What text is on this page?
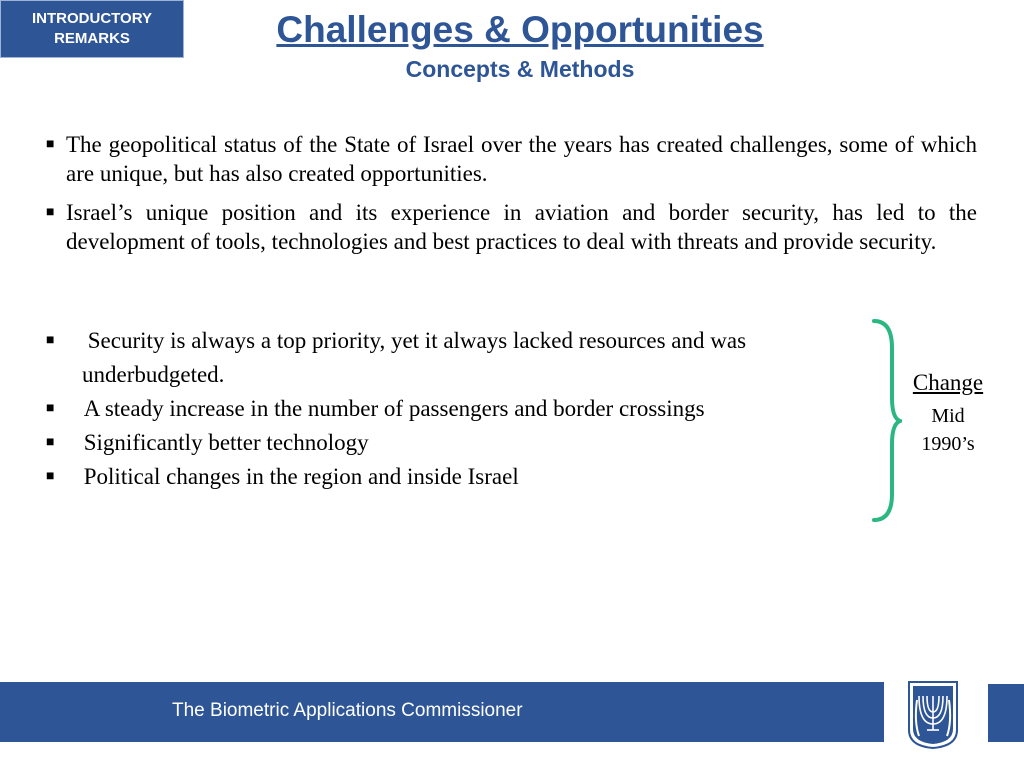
INTRODUCTORY
REMARKS	Challenges & Opportunities
Concepts & Methods
■ The geopolitical status of the State of Israel over the years has created challenges, some of which are unique, but has also created opportunities.
■ Israel’s unique position and its experience in aviation and border security, has led to the development of tools, technologies and best practices to deal with threats and provide security.
■ Security is always a top priority, yet it always lacked resources and was
underbudgeted.
■ A steady increase in the number of passengers and border crossings
■ Significantly better technology
■ Political changes in the region and inside Israel
Change
Mid
1990’s
The Biometric Applications Commissioner
